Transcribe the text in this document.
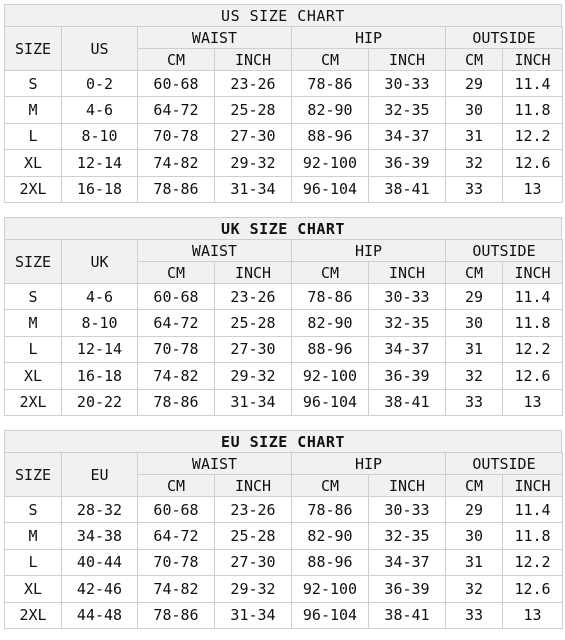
US SIZE CHART
SIZE	US	WAIST		HIP		OUTSIDE	
		CM	INCH	CM	INCH	CM	INCH
S	0-2	60-68	23-26	78-86	30-33	29	11.4
M	4-6	64-72	25-28	82-90	32-35	30	11.8
L	8-10	70-78	27-30	88-96	34-37	31	12.2
XL	12-14	74-82	29-32	92-100	36-39	32	12.6
2XL	16-18	78-86	31-34	96-104	38-41	33	13
UK SIZE CHART
SIZE	UK	WAIST		HIP		OUTSIDE	
		CM	INCH	CM	INCH	CM	INCH
S	4-6	60-68	23-26	78-86	30-33	29	11.4
M	8-10	64-72	25-28	82-90	32-35	30	11.8
L	12-14	70-78	27-30	88-96	34-37	31	12.2
XL	16-18	74-82	29-32	92-100	36-39	32	12.6
2XL	20-22	78-86	31-34	96-104	38-41	33	13
EU SIZE CHART
SIZE	EU	WAIST		HIP		OUTSIDE	
		CM	INCH	CM	INCH	CM	INCH
S	28-32	60-68	23-26	78-86	30-33	29	11.4
M	34-38	64-72	25-28	82-90	32-35	30	11.8
L	40-44	70-78	27-30	88-96	34-37	31	12.2
XL	42-46	74-82	29-32	92-100	36-39	32	12.6
2XL	44-48	78-86	31-34	96-104	38-41	33	13
